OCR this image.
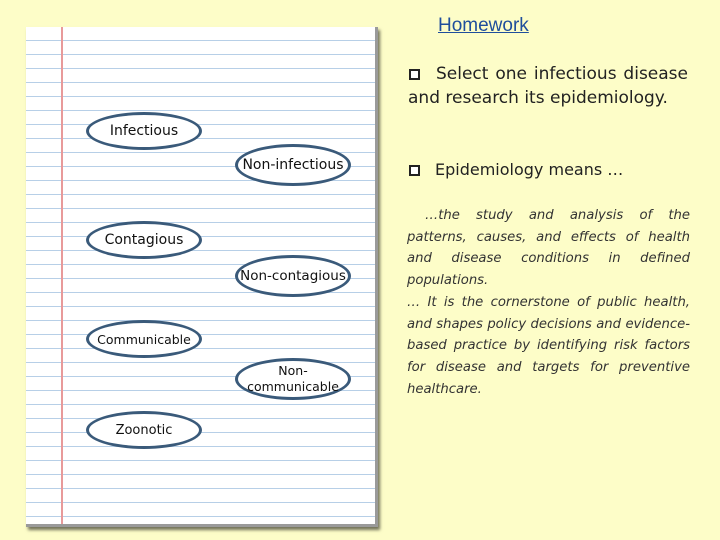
Homework
Infectious
Non-infectious
Contagious
Non-contagious
Communicable
Non-communicable
Zoonotic
Select one infectious disease and research its epidemiology.
Epidemiology means …
…the study and analysis of the patterns, causes, and effects of health and disease conditions in defined populations.
… It is the cornerstone of public health, and shapes policy decisions and evidence-based practice by identifying risk factors for disease and targets for preventive healthcare.
